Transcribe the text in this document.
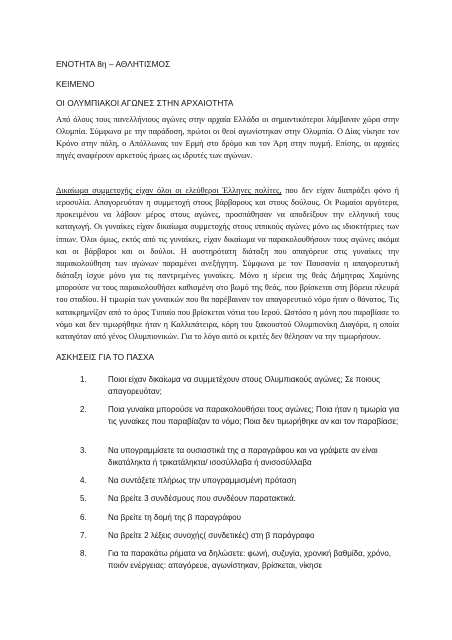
ΕΝΟΤΗΤΑ 8η – ΑΘΛΗΤΙΣΜΟΣ
ΚΕΙΜΕΝΟ
ΟΙ ΟΛΥΜΠΙΑΚΟΙ ΑΓΩΝΕΣ ΣΤΗΝ ΑΡΧΑΙΟΤΗΤΑ

Από όλους τους πανελλήνιους αγώνες στην αρχαία Ελλάδα οι σημαντικότεροι λάμβαναν χώρα στην Ολυμπία. Σύμφωνα με την παράδοση, πρώτοι οι θεοί αγωνίστηκαν στην Ολυμπία. Ο Δίας νίκησε τον Κρόνο στην πάλη, ο Απόλλωνας τον Ερμή στο δρόμο και τον Άρη στην πυγμή. Επίσης, οι αρχαίες πηγές αναφέρουν αρκετούς ήρωες ως ιδρυτές των αγώνων.

Δικαίωμα συμμετοχής είχαν όλοι οι ελεύθεροι Έλληνες πολίτες, που δεν είχαν διαπράξει φόνο ή ιεροσυλία. Απαγορευόταν η συμμετοχή στους βάρβαρους και στους δούλους. Οι Ρωμαίοι αργότερα, προκειμένου να λάβουν μέρος στους αγώνες, προσπάθησαν να αποδείξουν την ελληνική τους καταγωγή. Οι γυναίκες είχαν δικαίωμα συμμετοχής στους ιππικούς αγώνες μόνο ως ιδιοκτήτριες των ίππων. Όλοι όμως, εκτός από τις γυναίκες, είχαν δικαίωμα να παρακολουθήσουν τους αγώνες ακόμα και οι βάρβαροι και οι δούλοι. Η αυστηρότατη διάταξη που απαγόρευε στις γυναίκες την παρακολούθηση των αγώνων παραμένει ανεξήγητη. Σύμφωνα με τον Παυσανία η απαγορευτική διάταξη ίσχυε μόνο για τις παντρεμένες γυναίκες. Μόνο η ιέρεια της θεάς Δήμητρας Χαμύνης μπορούσε να τους παρακολουθήσει καθισμένη στο βωμό της θεάς, που βρίσκεται στη βόρεια πλευρά του σταδίου. Η τιμωρία των γυναικών που θα παρέβαιναν τον απαγορευτικό νόμο ήταν ο θάνατος. Τις κατακρημνίζαν από το όρος Τυπαίο που βρίσκεται νότια του Ιερού. Ωστόσο η μόνη που παραβίασε το νόμο και δεν τιμωρήθηκε ήταν η Καλλιπάτειρα, κόρη του ξακουστού Ολυμπιονίκη Διαγόρα, η οποία καταγόταν από γένος Ολυμπιονικών. Για το λόγο αυτό οι κριτές δεν θέλησαν να την τιμωρήσουν.

ΑΣΚΗΣΕΙΣ ΓΙΑ ΤΟ ΠΑΣΧΑ
1.	Ποιοι είχαν δικαίωμα να συμμετέχουν στους Ολυμπιακούς αγώνες; Σε ποιους απαγορευόταν;
2.	Ποια γυναίκα μπορούσε να παρακολουθήσει τους αγώνες; Ποια ήταν η τιμωρία για τις γυναίκες που παραβίαζαν το νόμο; Ποια δεν τιμωρήθηκε αν και τον παραβίασε;
3.	Να υπογραμμίσετε τα ουσιαστικά της α παραγράφου και να γράψετε αν είναι δικατάληκτα ή τρικατάληκτα/ ισοσύλλαβα ή ανισοσύλλαβα
4.	Να συντάξετε πλήρως την υπογραμμισμένη πρόταση
5.	Να βρείτε 3 συνδέσμους που συνδέουν παρατακτικά.
6.	Να βρείτε τη δομή της β παραγράφου
7.	Να βρείτε 2 λέξεις συνοχής( συνδετικές) στη β παράγραφο
8.	Για τα παρακάτω ρήματα να δηλώσετε: φωνή, συζυγία, χρονική βαθμίδα, χρόνο, ποιόν ενέργειας: απαγόρευε, αγωνίστηκαν, βρίσκεται, νίκησε
